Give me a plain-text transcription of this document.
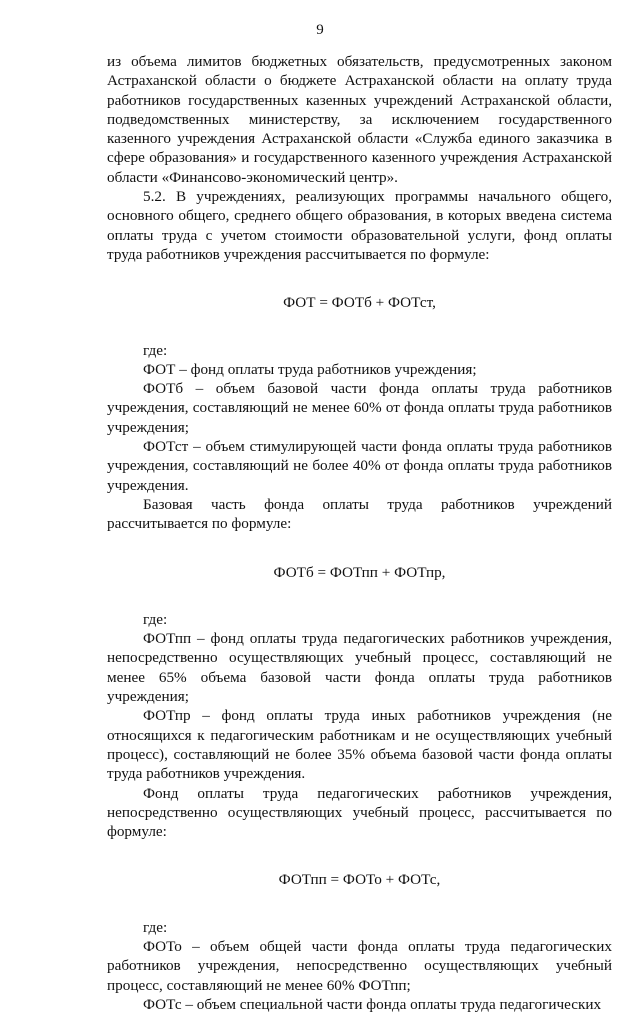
9

из объема лимитов бюджетных обязательств, предусмотренных законом Астраханской области о бюджете Астраханской области на оплату труда работников государственных казенных учреждений Астраханской области, подведомственных министерству, за исключением государственного казенного учреждения Астраханской области «Служба единого заказчика в сфере образования» и государственного казенного учреждения Астраханской области «Финансово-экономический центр».

5.2. В учреждениях, реализующих программы начального общего, основного общего, среднего общего образования, в которых введена система оплаты труда с учетом стоимости образовательной услуги, фонд оплаты труда работников учреждения рассчитывается по формуле:

ФОТ = ФОТб + ФОТст,

где:

ФОТ – фонд оплаты труда работников учреждения;

ФОТб – объем базовой части фонда оплаты труда работников учреждения, составляющий не менее 60% от фонда оплаты труда работников учреждения;

ФОТст – объем стимулирующей части фонда оплаты труда работников учреждения, составляющий не более 40% от фонда оплаты труда работников учреждения.

Базовая часть фонда оплаты труда работников учреждений рассчитывается по формуле:

ФОТб = ФОТпп + ФОТпр,

где:

ФОТпп – фонд оплаты труда педагогических работников учреждения, непосредственно осуществляющих учебный процесс, составляющий не менее 65% объема базовой части фонда оплаты труда работников учреждения;

ФОТпр – фонд оплаты труда иных работников учреждения (не относящихся к педагогическим работникам и не осуществляющих учебный процесс), составляющий не более 35% объема базовой части фонда оплаты труда работников учреждения.

Фонд оплаты труда педагогических работников учреждения, непосредственно осуществляющих учебный процесс, рассчитывается по формуле:

ФОТпп = ФОТо + ФОТс,

где:

ФОТо – объем общей части фонда оплаты труда педагогических работников учреждения, непосредственно осуществляющих учебный процесс, составляющий не менее 60% ФОТпп;

ФОТс – объем специальной части фонда оплаты труда педагогических
